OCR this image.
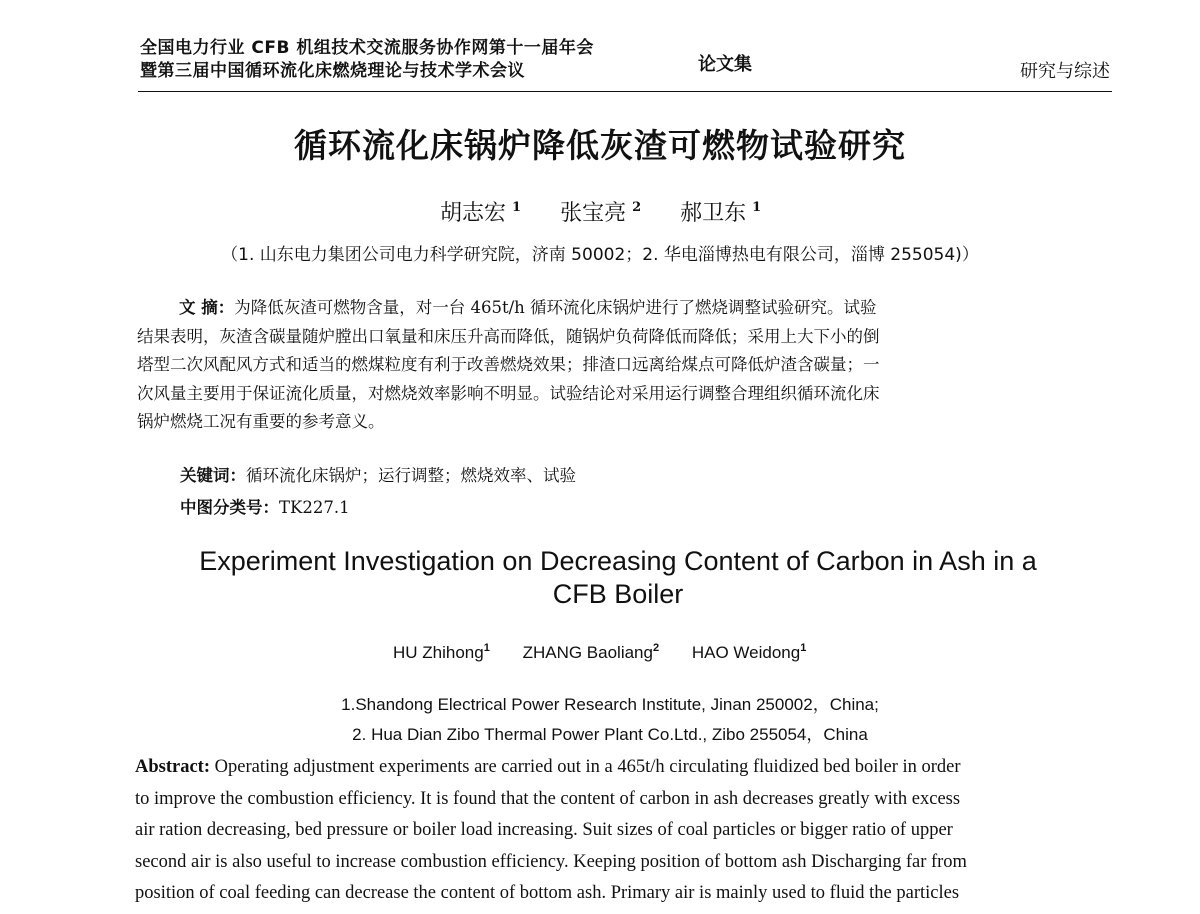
全国电力行业 CFB 机组技术交流服务协作网第十一届年会
暨第三届中国循环流化床燃烧理论与技术学术会议	论文集	研究与综述
循环流化床锅炉降低灰渣可燃物试验研究
胡志宏 $^1$ 张宝亮 $^2$ 郝卫东 $^1$
（1. 山东电力集团公司电力科学研究院，济南 50002；2. 华电淄博热电有限公司，淄博 255054)）
文 摘：为降低灰渣可燃物含量，对一台 465t/h 循环流化床锅炉进行了燃烧调整试验研究。试验
结果表明，灰渣含碳量随炉膛出口氧量和床压升高而降低，随锅炉负荷降低而降低；采用上大下小的倒
塔型二次风配风方式和适当的燃煤粒度有利于改善燃烧效果；排渣口远离给煤点可降低炉渣含碳量；一
次风量主要用于保证流化质量，对燃烧效率影响不明显。试验结论对采用运行调整合理组织循环流化床
锅炉燃烧工况有重要的参考意义。
关键词：循环流化床锅炉；运行调整；燃烧效率、试验
中图分类号：TK227.1
Experiment Investigation on Decreasing Content of Carbon in Ash in a
CFB Boiler
HU Zhihong$^1$ ZHANG Baoliang$^2$ HAO Weidong$^1$
1.Shandong Electrical Power Research Institute, Jinan 250002，China;
2. Hua Dian Zibo Thermal Power Plant Co.Ltd., Zibo 255054，China
Abstract: Operating adjustment experiments are carried out in a 465t/h circulating fluidized bed boiler in order
to improve the combustion efficiency. It is found that the content of carbon in ash decreases greatly with excess
air ration decreasing, bed pressure or boiler load increasing. Suit sizes of coal particles or bigger ratio of upper
second air is also useful to increase combustion efficiency. Keeping position of bottom ash Discharging far from
position of coal feeding can decrease the content of bottom ash. Primary air is mainly used to fluid the particles
